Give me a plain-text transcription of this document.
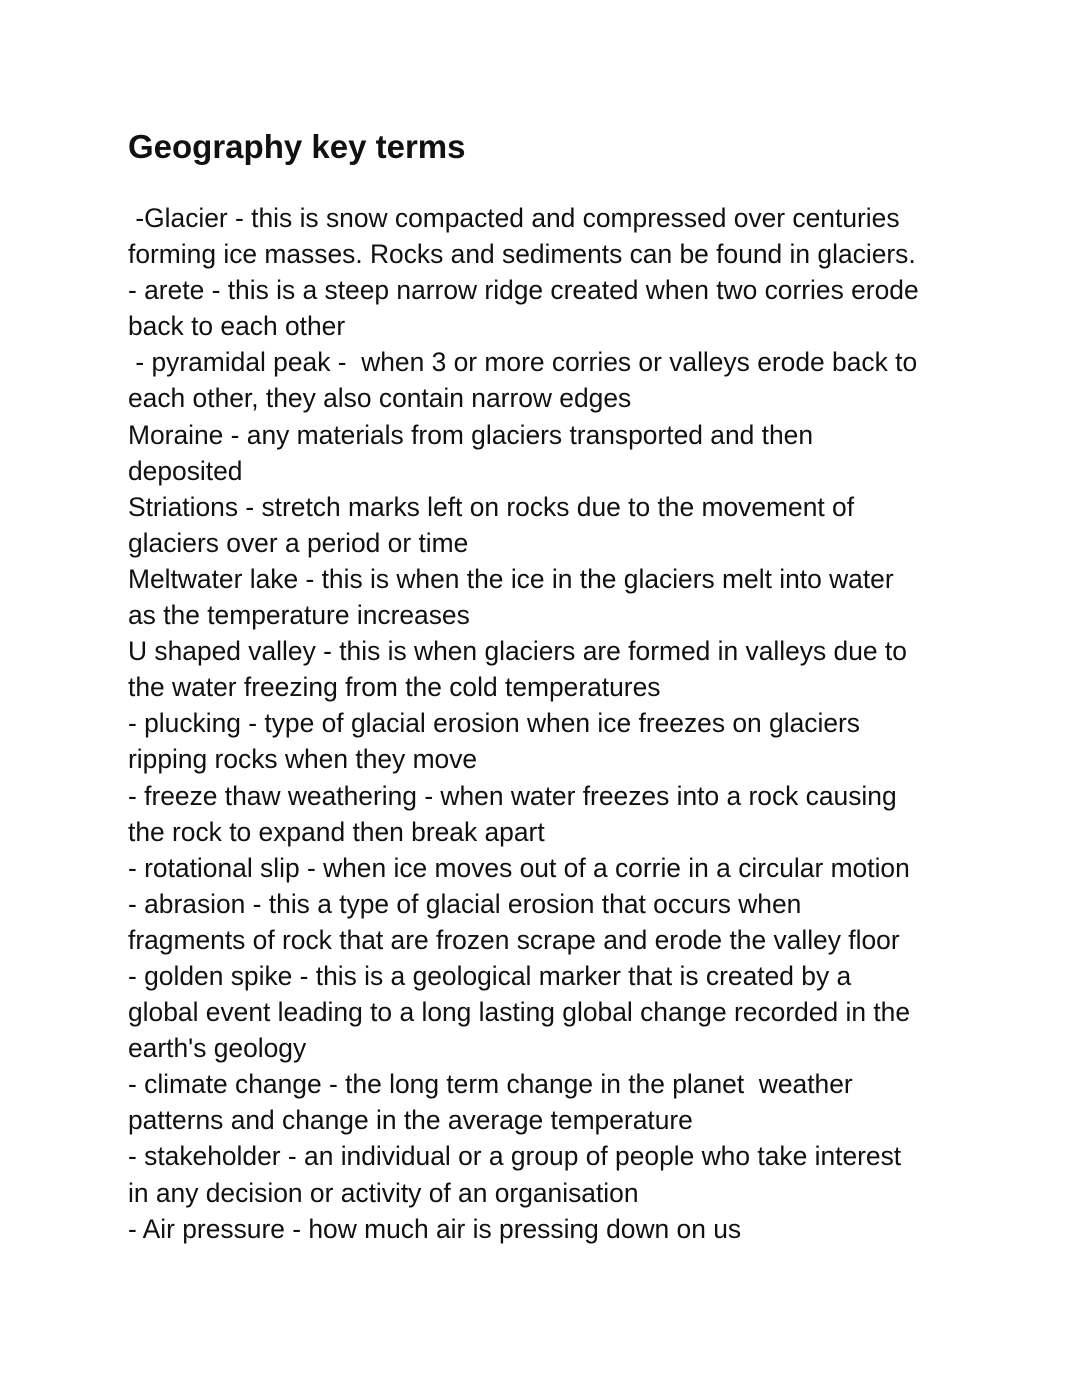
Geography key terms
-Glacier - this is snow compacted and compressed over centuries
forming ice masses. Rocks and sediments can be found in glaciers.
- arete - this is a steep narrow ridge created when two corries erode
back to each other
- pyramidal peak -  when 3 or more corries or valleys erode back to
each other, they also contain narrow edges
Moraine - any materials from glaciers transported and then
deposited
Striations - stretch marks left on rocks due to the movement of
glaciers over a period or time
Meltwater lake - this is when the ice in the glaciers melt into water
as the temperature increases
U shaped valley - this is when glaciers are formed in valleys due to
the water freezing from the cold temperatures
- plucking - type of glacial erosion when ice freezes on glaciers
ripping rocks when they move
- freeze thaw weathering - when water freezes into a rock causing
the rock to expand then break apart
- rotational slip - when ice moves out of a corrie in a circular motion
- abrasion - this a type of glacial erosion that occurs when
fragments of rock that are frozen scrape and erode the valley floor
- golden spike - this is a geological marker that is created by a
global event leading to a long lasting global change recorded in the
earth's geology
- climate change - the long term change in the planet  weather
patterns and change in the average temperature
- stakeholder - an individual or a group of people who take interest
in any decision or activity of an organisation
- Air pressure - how much air is pressing down on us
